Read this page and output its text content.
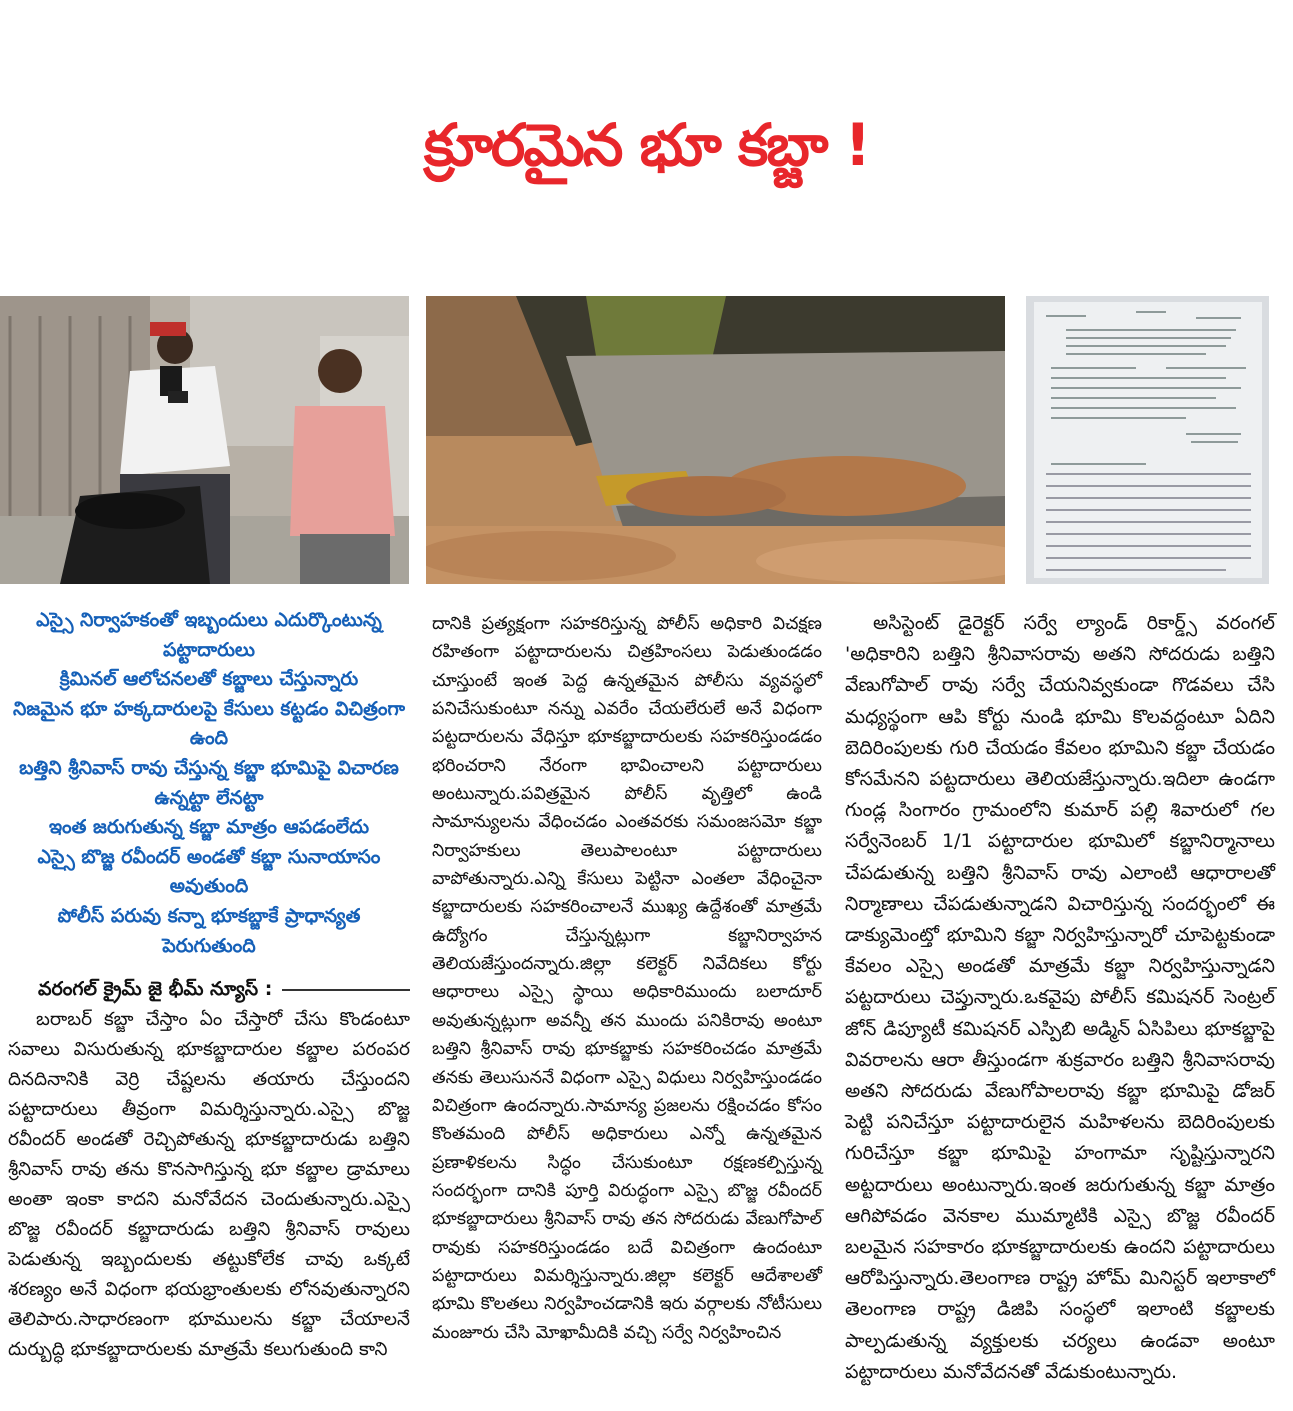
క్రూరమైన భూ కబ్జా !
ఎస్సై నిర్వాహకంతో ఇబ్బందులు ఎదుర్కొంటున్న పట్టాదారులు
క్రిమినల్ ఆలోచనలతో కబ్జాలు చేస్తున్నారు
నిజమైన భూ హక్కదారులపై కేసులు కట్టడం విచిత్రంగా ఉంది
బత్తిని శ్రీనివాస్ రావు చేస్తున్న కబ్జా భూమిపై విచారణ ఉన్నట్టా లేనట్టా
ఇంత జరుగుతున్న కబ్జా మాత్రం ఆపడంలేదు
ఎస్సై బొజ్జ రవీందర్ అండతో కబ్జా సునాయాసం అవుతుంది
పోలీస్ పరువు కన్నా భూకబ్జాకే ప్రాధాన్యత పెరుగుతుంది
వరంగల్ క్రైమ్ జై భీమ్ న్యూస్ :

బరాబర్ కబ్జా చేస్తాం ఏం చేస్తారో చేసు కొండంటూ సవాలు విసురుతున్న భూకబ్జాదారుల కబ్జాల పరంపర దినదినానికి వెర్రి చేష్టలను తయారు చేస్తుందని పట్టాదారులు తీవ్రంగా విమర్శిస్తున్నారు.ఎస్సై బొజ్జ రవీందర్ అండతో రెచ్చిపోతున్న భూకబ్జాదారుడు బత్తిని శ్రీనివాస్ రావు తను కొనసాగిస్తున్న భూ కబ్జాల డ్రామాలు అంతా ఇంకా కాదని మనోవేదన చెందుతున్నారు.ఎస్సై బొజ్జ రవీందర్ కబ్జాదారుడు బత్తిని శ్రీనివాస్ రావులు పెడుతున్న ఇబ్బందులకు తట్టుకోలేక చావు ఒక్కటే శరణ్యం అనే విధంగా భయభ్రాంతులకు లోనవుతున్నారని తెలిపారు.సాధారణంగా భూములను కబ్జా చేయాలనే దుర్బుద్ధి భూకబ్జాదారులకు మాత్రమే కలుగుతుంది కాని

దానికి ప్రత్యక్షంగా సహకరిస్తున్న పోలీస్ అధికారి విచక్షణ రహితంగా పట్టాదారులను చిత్రహింసలు పెడుతుండడం చూస్తుంటే ఇంత పెద్ద ఉన్నతమైన పోలీసు వ్యవస్థలో పనిచేసుకుంటూ నన్ను ఎవరేం చేయలేరులే అనే విధంగా పట్టదారులను వేధిస్తూ భూకబ్జాదారులకు సహకరిస్తుండడం భరించరాని నేరంగా భావించాలని పట్టాదారులు అంటున్నారు.పవిత్రమైన పోలీస్ వృత్తిలో ఉండి సామాన్యులను వేధించడం ఎంతవరకు సమంజసమో కబ్జా నిర్వాహకులు తెలుపాలంటూ పట్టాదారులు వాపోతున్నారు.ఎన్ని కేసులు పెట్టినా ఎంతలా వేధించైనా కబ్జాదారులకు సహకరించాలనే ముఖ్య ఉద్దేశంతో మాత్రమే ఉద్యోగం చేస్తున్నట్లుగా కబ్జానిర్వాహన తెలియజేస్తుందన్నారు.జిల్లా కలెక్టర్ నివేదికలు కోర్టు ఆధారాలు ఎస్సై స్థాయి అధికారిముందు బలాదూర్ అవుతున్నట్లుగా అవన్నీ తన ముందు పనికిరావు అంటూ బత్తిని శ్రీనివాస్ రావు భూకబ్జాకు సహకరించడం మాత్రమే తనకు తెలుసుననే విధంగా ఎస్సై విధులు నిర్వహిస్తుండడం విచిత్రంగా ఉందన్నారు.సామాన్య ప్రజలను రక్షించడం కోసం కొంతమంది పోలీస్ అధికారులు ఎన్నో ఉన్నతమైన ప్రణాళికలను సిద్ధం చేసుకుంటూ రక్షణకల్పిస్తున్న సందర్భంగా దానికి పూర్తి విరుద్ధంగా ఎస్సై బొజ్జ రవీందర్ భూకబ్జాదారులు శ్రీనివాస్ రావు తన సోదరుడు వేణుగోపాల్ రావుకు సహకరిస్తుండడం బదే విచిత్రంగా ఉందంటూ పట్టాదారులు విమర్శిస్తున్నారు.జిల్లా కలెక్టర్ ఆదేశాలతో భూమి కొలతలు నిర్వహించడానికి ఇరు వర్గాలకు నోటీసులు మంజూరు చేసి మోఖామీదికి వచ్చి సర్వే నిర్వహించిన

అసిస్టెంట్ డైరెక్టర్ సర్వే ల్యాండ్ రికార్డ్స్ వరంగల్ 'అధికారిని బత్తిని శ్రీనివాసరావు అతని సోదరుడు బత్తిని వేణుగోపాల్ రావు సర్వే చేయనివ్వకుండా గొడవలు చేసి మధ్యస్థంగా ఆపి కోర్టు నుండి భూమి కొలవద్దంటూ ఏదిని బెదిరింపులకు గురి చేయడం కేవలం భూమిని కబ్జా చేయడం కోసమేనని పట్టదారులు తెలియజేస్తున్నారు.ఇదిలా ఉండగా గుండ్ల సింగారం గ్రామంలోని కుమార్ పల్లి శివారులో గల సర్వేనెంబర్ 1/1 పట్టాదారుల భూమిలో కబ్జానిర్మానాలు చేపడుతున్న బత్తిని శ్రీనివాస్ రావు ఎలాంటి ఆధారాలతో నిర్మాణాలు చేపడుతున్నాడని విచారిస్తున్న సందర్భంలో ఈ డాక్యుమెంట్తో భూమిని కబ్జా నిర్వహిస్తున్నారో చూపెట్టకుండా కేవలం ఎస్సై అండతో మాత్రమే కబ్జా నిర్వహిస్తున్నాడని పట్టదారులు చెప్తున్నారు.ఒకవైపు పోలీస్ కమిషనర్ సెంట్రల్ జోన్ డిప్యూటీ కమిషనర్ ఎస్పిబి అడ్మిన్ ఏసిపిలు భూకబ్జాపై వివరాలను ఆరా తీస్తుండగా శుక్రవారం బత్తిని శ్రీనివాసరావు అతని సోదరుడు వేణుగోపాలరావు కబ్జా భూమిపై డోజర్ పెట్టి పనిచేస్తూ పట్టాదారులైన మహిళలను బెదిరింపులకు గురిచేస్తూ కబ్జా భూమిపై హంగామా సృష్టిస్తున్నారని అట్టదారులు అంటున్నారు.ఇంత జరుగుతున్న కబ్జా మాత్రం ఆగిపోవడం వెనకాల ముమ్మాటికి ఎస్సై బొజ్జ రవీందర్ బలమైన సహకారం భూకబ్జాదారులకు ఉందని పట్టాదారులు ఆరోపిస్తున్నారు.తెలంగాణ రాష్ట్ర హోమ్ మినిస్టర్ ఇలాకాలో తెలంగాణ రాష్ట్ర డిజిపి సంస్థలో ఇలాంటి కబ్జాలకు పాల్పడుతున్న వ్యక్తులకు చర్యలు ఉండవా అంటూ పట్టాదారులు మనోవేదనతో వేడుకుంటున్నారు.
